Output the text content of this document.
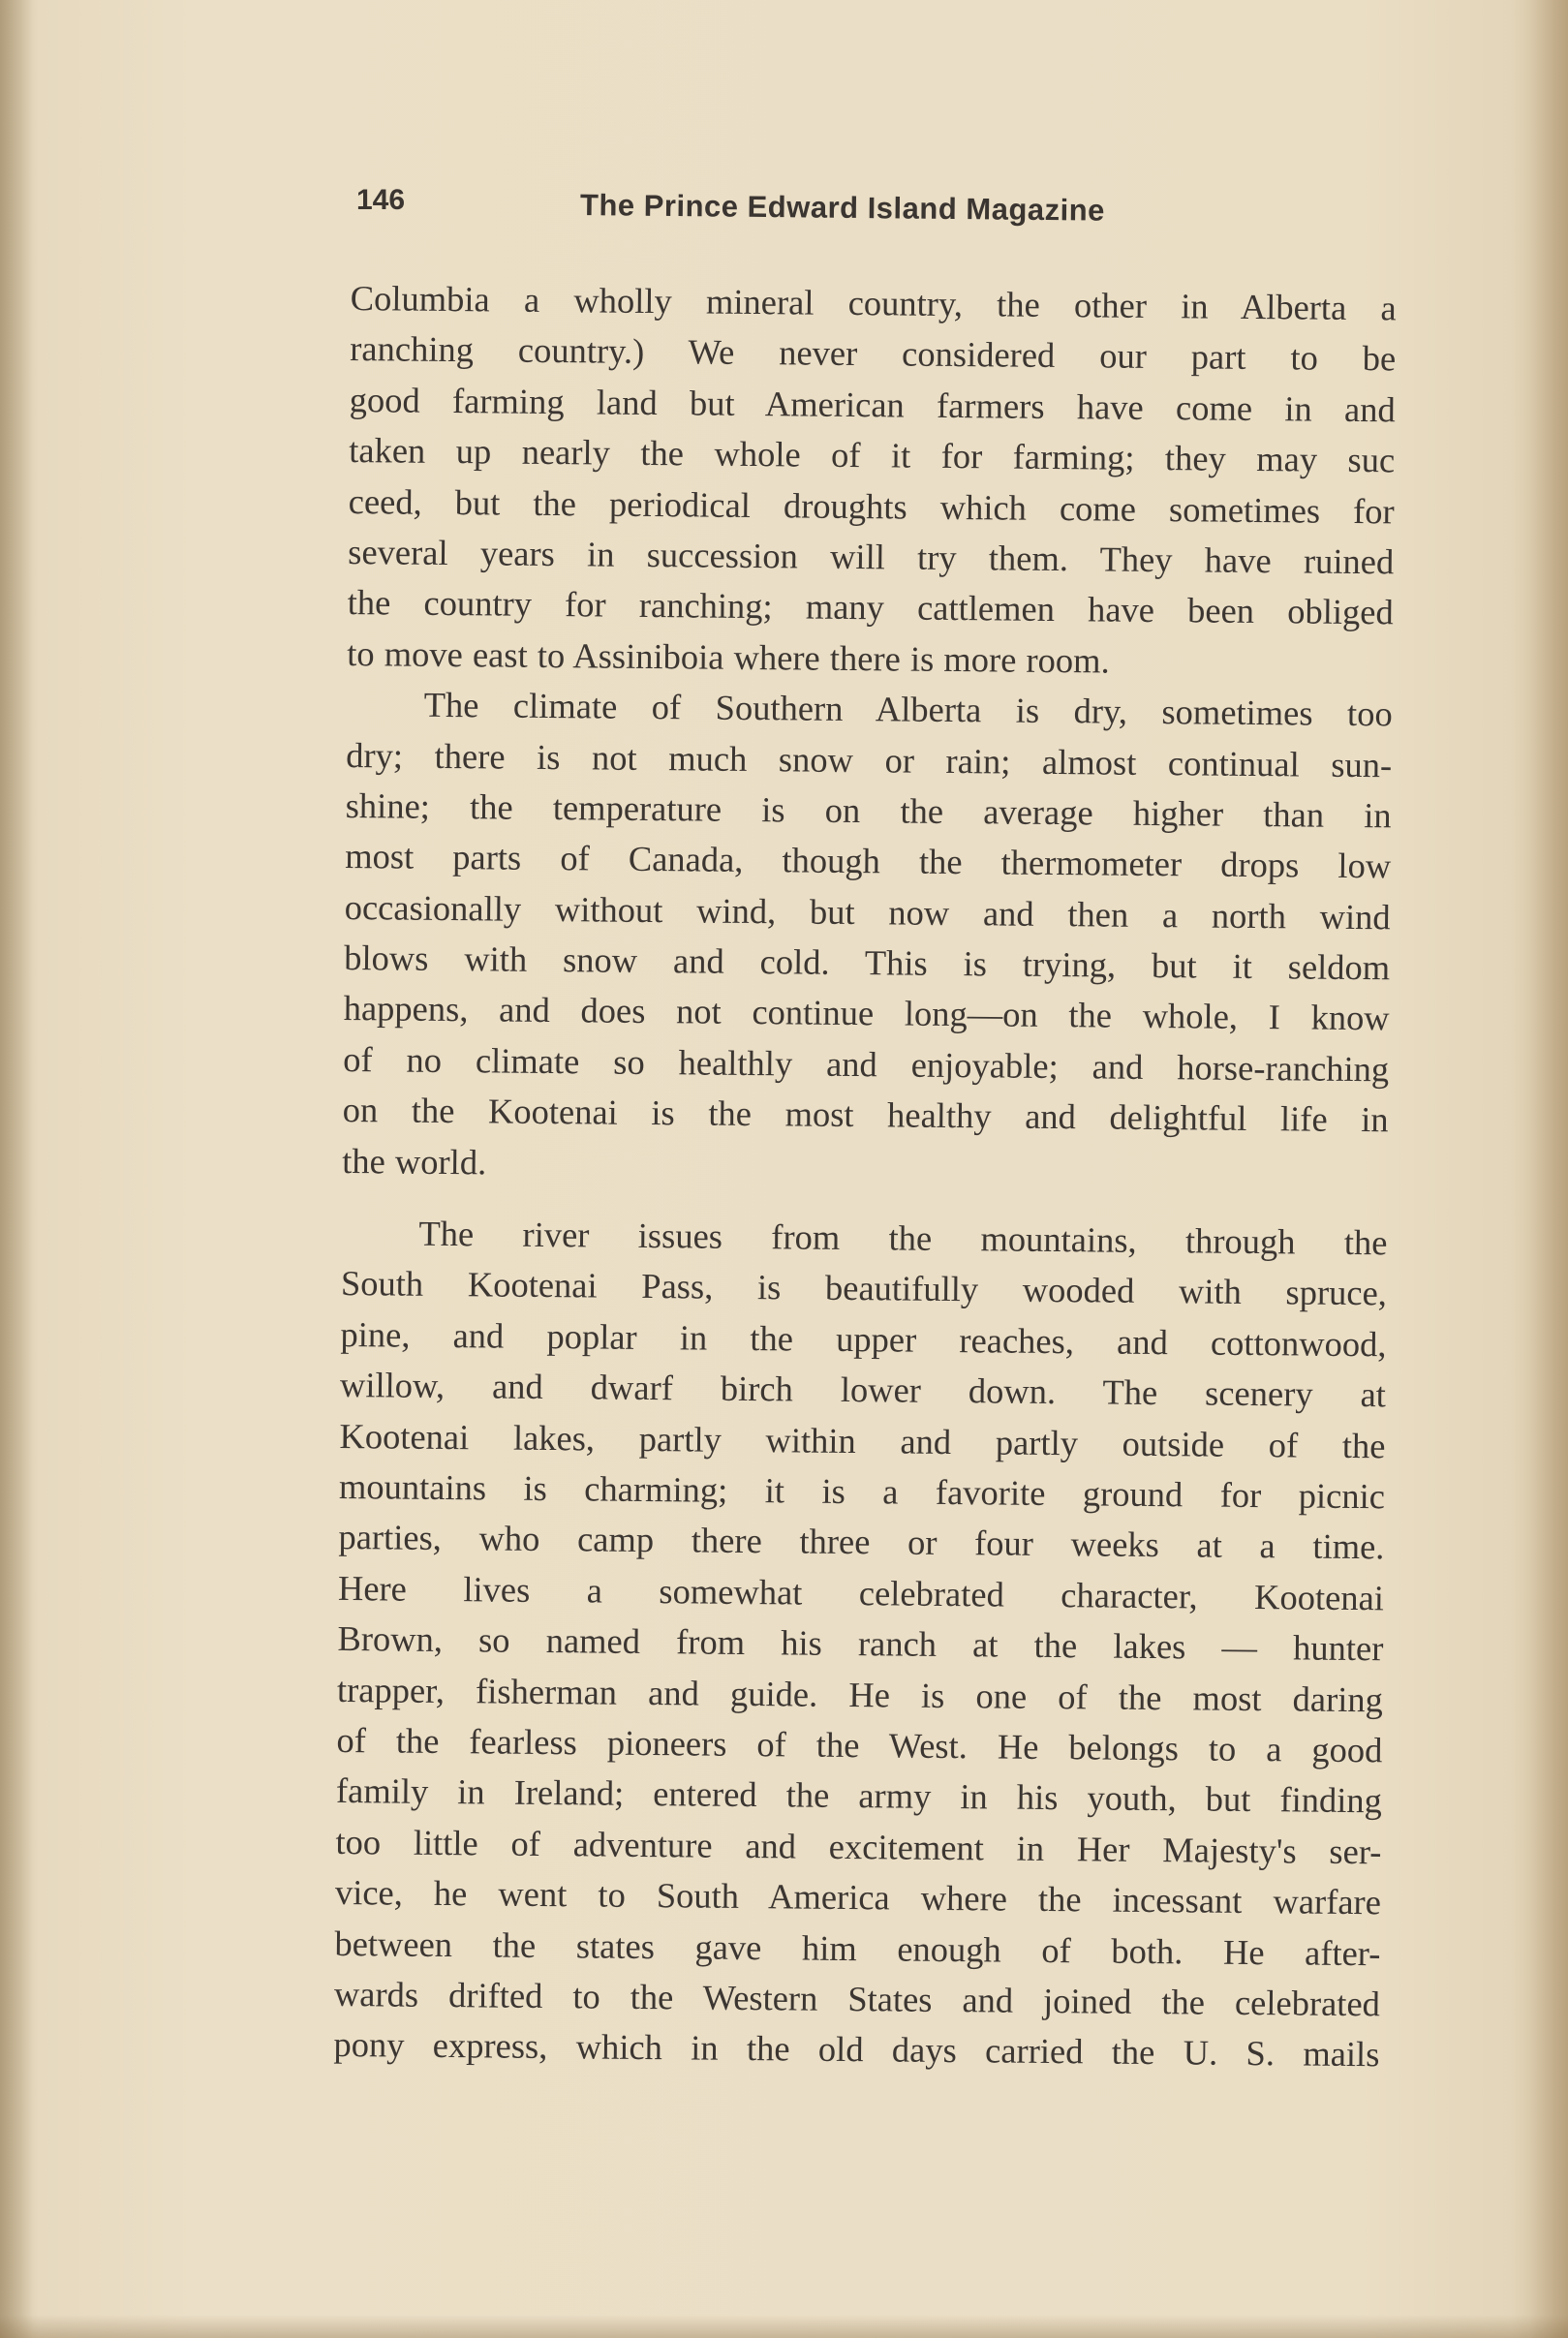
146	The Prince Edward Island Magazine

Columbia a wholly mineral country, the other in Alberta a
ranching country.) We never considered our part to be
good farming land but American farmers have come in and
taken up nearly the whole of it for farming; they may suc
ceed, but the periodical droughts which come sometimes for
several years in succession will try them. They have ruined
the country for ranching; many cattlemen have been obliged
to move east to Assiniboia where there is more room.

The climate of Southern Alberta is dry, sometimes too
dry; there is not much snow or rain; almost continual sun-
shine; the temperature is on the average higher than in
most parts of Canada, though the thermometer drops low
occasionally without wind, but now and then a north wind
blows with snow and cold. This is trying, but it seldom
happens, and does not continue long—on the whole, I know
of no climate so healthly and enjoyable; and horse-ranching
on the Kootenai is the most healthy and delightful life in
the world.

The river issues from the mountains, through the
South Kootenai Pass, is beautifully wooded with spruce,
pine, and poplar in the upper reaches, and cottonwood,
willow, and dwarf birch lower down. The scenery at
Kootenai lakes, partly within and partly outside of the
mountains is charming; it is a favorite ground for picnic
parties, who camp there three or four weeks at a time.
Here lives a somewhat celebrated character, Kootenai
Brown, so named from his ranch at the lakes — hunter
trapper, fisherman and guide. He is one of the most daring
of the fearless pioneers of the West. He belongs to a good
family in Ireland; entered the army in his youth, but finding
too little of adventure and excitement in Her Majesty's ser-
vice, he went to South America where the incessant warfare
between the states gave him enough of both. He after-
wards drifted to the Western States and joined the celebrated
pony express, which in the old days carried the U. S. mails
